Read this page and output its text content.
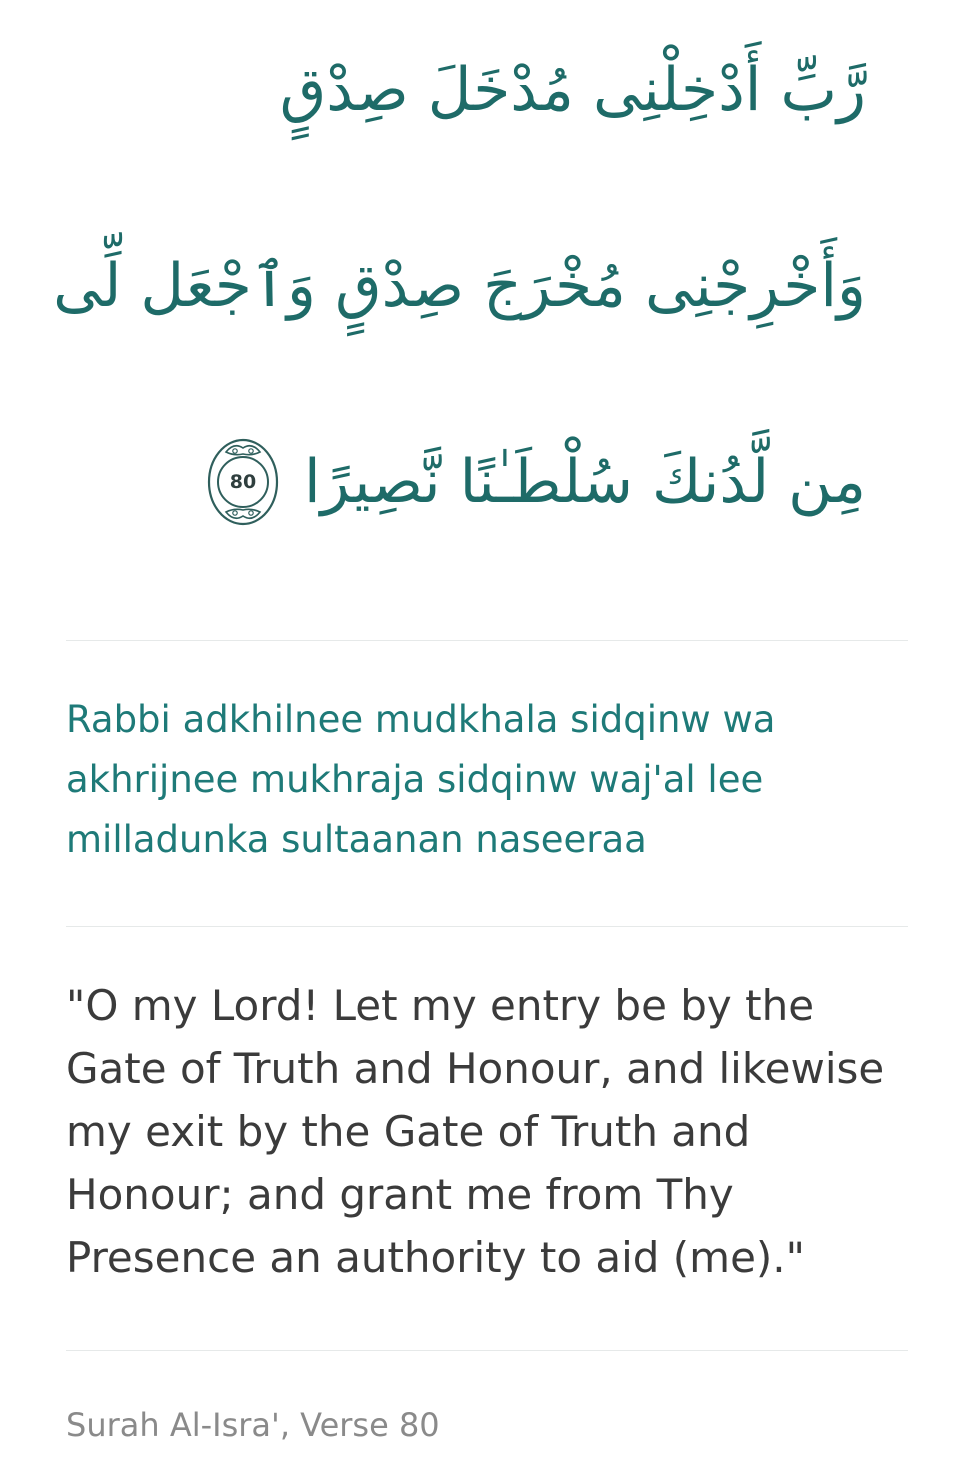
رَّبِّ أَدْخِلْنِى مُدْخَلَ صِدْقٍ
وَأَخْرِجْنِى مُخْرَجَ صِدْقٍ وَٱجْعَل لِّى
مِن لَّدُنكَ سُلْطَـٰنًا نَّصِيرًا
80

Rabbi adkhilnee mudkhala sidqinw wa akhrijnee mukhraja sidqinw waj'al lee milladunka sultaanan naseeraa

"O my Lord! Let my entry be by the Gate of Truth and Honour, and likewise my exit by the Gate of Truth and Honour; and grant me from Thy Presence an authority to aid (me)."

Surah Al-Isra', Verse 80
